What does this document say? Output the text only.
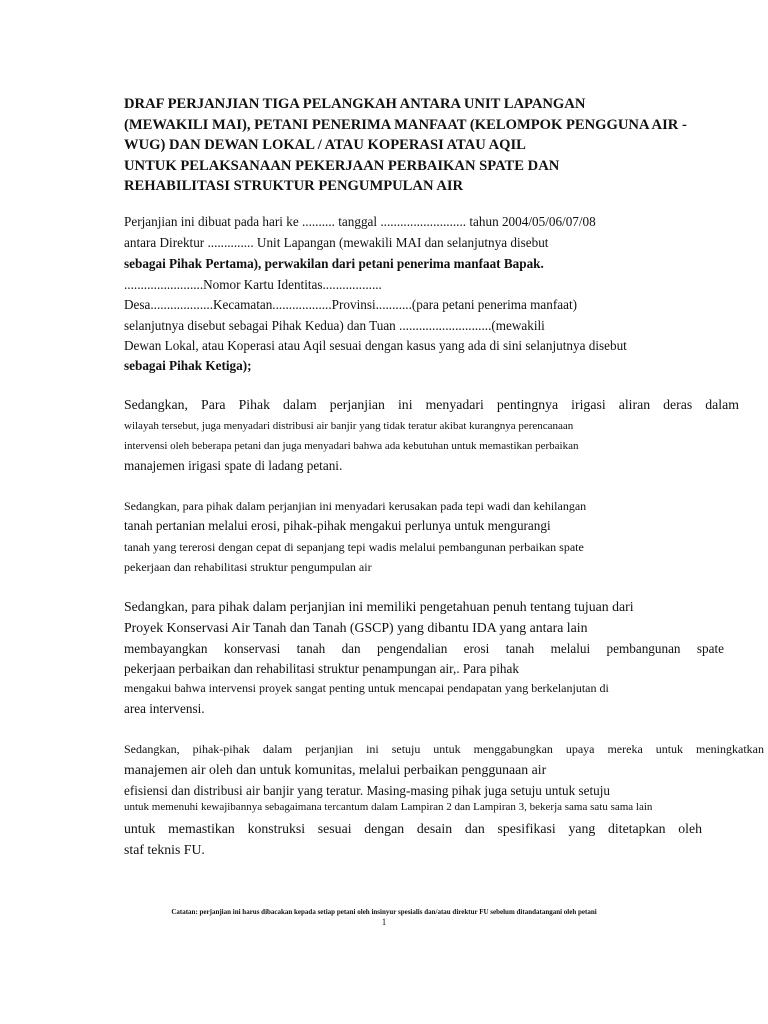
DRAF PERJANJIAN TIGA PELANGKAH ANTARA UNIT LAPANGAN
(MEWAKILI MAI), PETANI PENERIMA MANFAAT (KELOMPOK PENGGUNA AIR -
WUG) DAN DEWAN LOKAL / ATAU KOPERASI ATAU AQIL
UNTUK PELAKSANAAN PEKERJAAN PERBAIKAN SPATE DAN
REHABILITASI STRUKTUR PENGUMPULAN AIR
Perjanjian ini dibuat pada hari ke .......... tanggal .......................... tahun 2004/05/06/07/08
antara Direktur .............. Unit Lapangan (mewakili MAI dan selanjutnya disebut
sebagai Pihak Pertama), perwakilan dari petani penerima manfaat Bapak.
........................Nomor Kartu Identitas..................
Desa...................Kecamatan..................Provinsi...........(para petani penerima manfaat)
selanjutnya disebut sebagai Pihak Kedua) dan Tuan ............................(mewakili
Dewan Lokal, atau Koperasi atau Aqil sesuai dengan kasus yang ada di sini selanjutnya disebut
sebagai Pihak Ketiga);
Sedangkan, Para Pihak dalam perjanjian ini menyadari pentingnya irigasi aliran deras dalam
wilayah tersebut, juga menyadari distribusi air banjir yang tidak teratur akibat kurangnya perencanaan
intervensi oleh beberapa petani dan juga menyadari bahwa ada kebutuhan untuk memastikan perbaikan
manajemen irigasi spate di ladang petani.
Sedangkan, para pihak dalam perjanjian ini menyadari kerusakan pada tepi wadi dan kehilangan
tanah pertanian melalui erosi, pihak-pihak mengakui perlunya untuk mengurangi
tanah yang tererosi dengan cepat di sepanjang tepi wadis melalui pembangunan perbaikan spate
pekerjaan dan rehabilitasi struktur pengumpulan air
Sedangkan, para pihak dalam perjanjian ini memiliki pengetahuan penuh tentang tujuan dari
Proyek Konservasi Air Tanah dan Tanah (GSCP) yang dibantu IDA yang antara lain
membayangkan konservasi tanah dan pengendalian erosi tanah melalui pembangunan spate
pekerjaan perbaikan dan rehabilitasi struktur penampungan air,. Para pihak
mengakui bahwa intervensi proyek sangat penting untuk mencapai pendapatan yang berkelanjutan di
area intervensi.
Sedangkan, pihak-pihak dalam perjanjian ini setuju untuk menggabungkan upaya mereka untuk meningkatkan
manajemen air oleh dan untuk komunitas, melalui perbaikan penggunaan air
efisiensi dan distribusi air banjir yang teratur. Masing-masing pihak juga setuju untuk setuju
untuk memenuhi kewajibannya sebagaimana tercantum dalam Lampiran 2 dan Lampiran 3, bekerja sama satu sama lain
untuk memastikan konstruksi sesuai dengan desain dan spesifikasi yang ditetapkan oleh
staf teknis FU.
Catatan: perjanjian ini harus dibacakan kepada setiap petani oleh insinyur spesialis dan/atau direktur FU sebelum ditandatangani oleh petani
1
